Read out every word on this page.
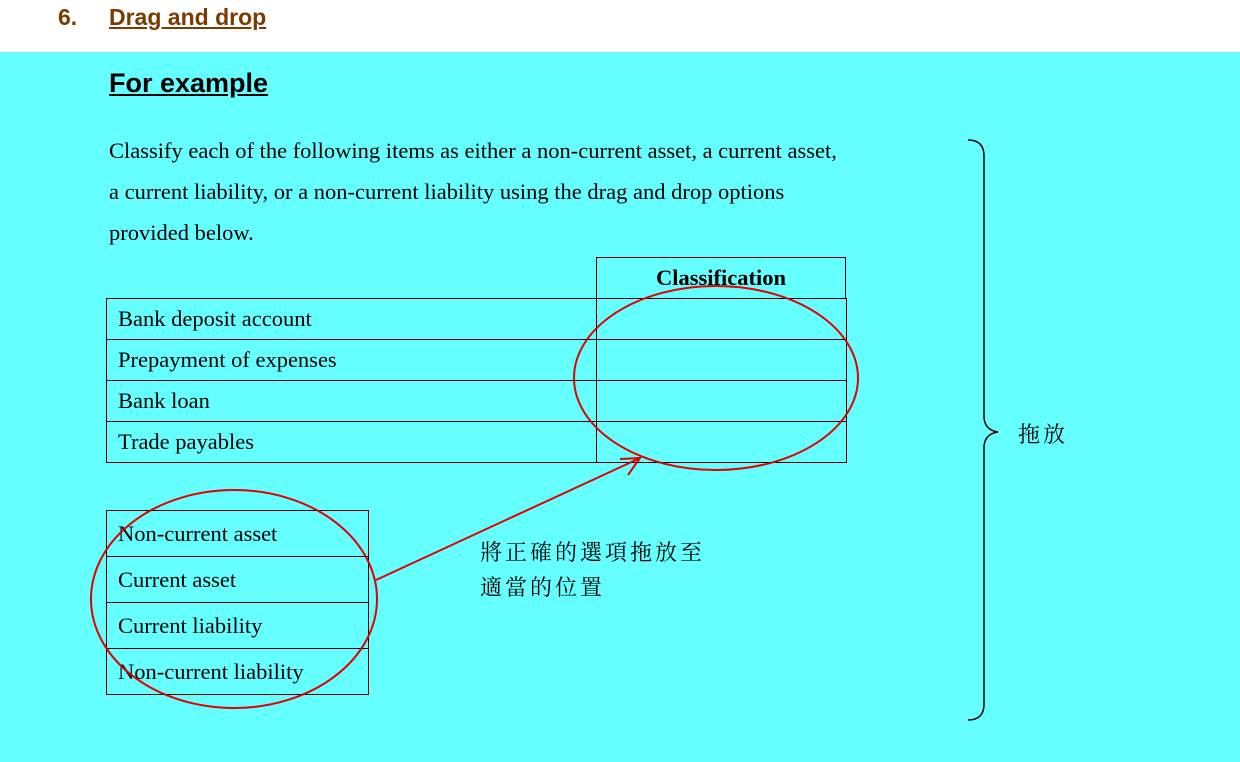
6. Drag and drop
For example
Classify each of the following items as either a non-current asset, a current asset,
a current liability, or a non-current liability using the drag and drop options
provided below.
Classification
Bank deposit account	
Prepayment of expenses	
Bank loan	
Trade payables	
Non-current asset
Current asset
Current liability
Non-current liability
將正確的選項拖放至
適當的位置
拖放
